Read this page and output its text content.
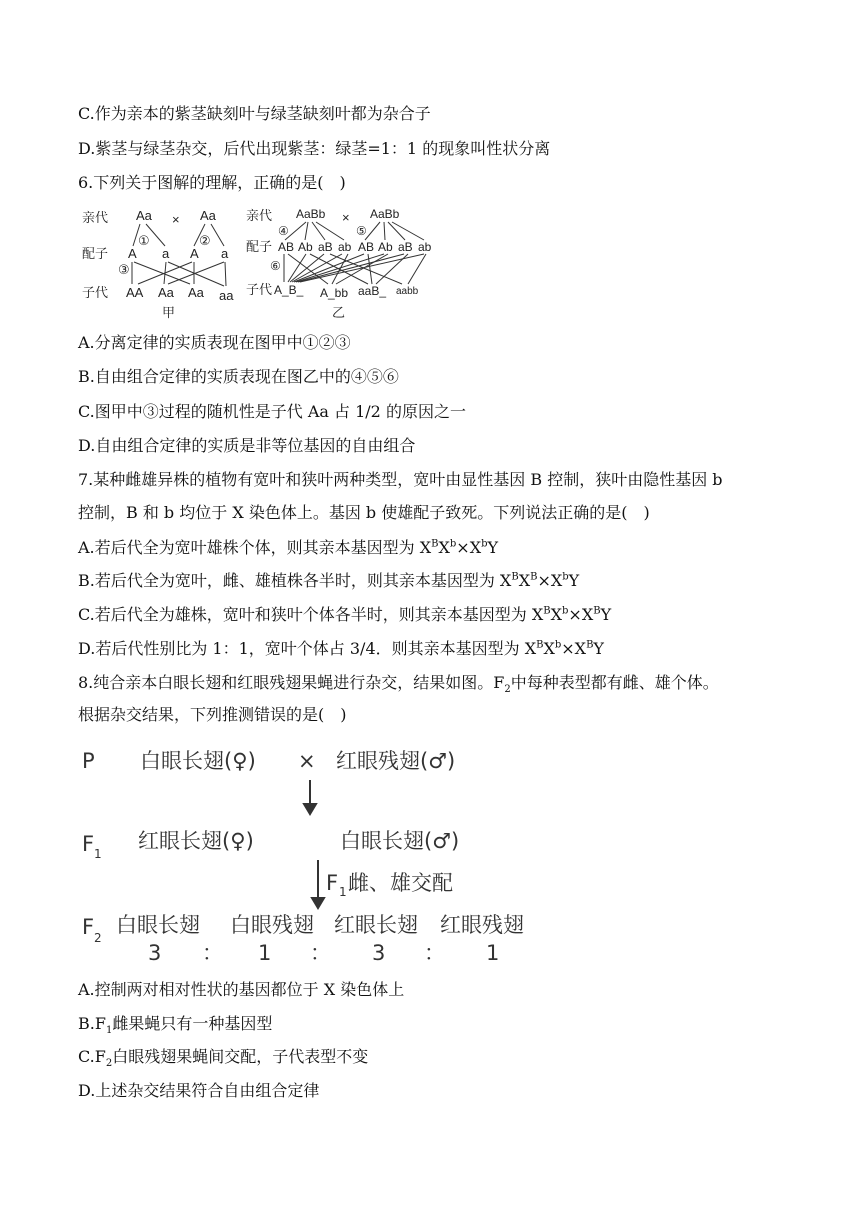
C.作为亲本的紫茎缺刻叶与绿茎缺刻叶都为杂合子
D.紫茎与绿茎杂交，后代出现紫茎：绿茎=1：1 的现象叫性状分离
6.下列关于图解的理解，正确的是(　)
亲代 Aa × Aa
①	②
配子
③
A a A a
子代 AA Aa Aa aa
甲
亲代 AaBb × AaBb
④	⑤
配子 AB Ab aB ab AB Ab aB ab
⑥
子代 A_B_ A_bb aaB_ aabb
乙
A.分离定律的实质表现在图甲中①②③
B.自由组合定律的实质表现在图乙中的④⑤⑥
C.图甲中③过程的随机性是子代 Aa 占 1/2 的原因之一
D.自由组合定律的实质是非等位基因的自由组合
7.某种雌雄异株的植物有宽叶和狭叶两种类型，宽叶由显性基因 B 控制，狭叶由隐性基因 b
控制，B 和 b 均位于 X 染色体上。基因 b 使雄配子致死。下列说法正确的是(　)
A.若后代全为宽叶雄株个体，则其亲本基因型为 $X^BX^b\times X^bY$
B.若后代全为宽叶，雌、雄植株各半时，则其亲本基因型为 $X^BX^B\times X^bY$
C.若后代全为雄株，宽叶和狭叶个体各半时，则其亲本基因型为 $X^BX^b\times X^BY$
D.若后代性别比为 1：1，宽叶个体占 3/4．则其亲本基因型为 $X^BX^b\times X^BY$
8.纯合亲本白眼长翅和红眼残翅果蝇进行杂交，结果如图。$F_2$中每种表型都有雌、雄个体。
根据杂交结果，下列推测错误的是(　)
P 白眼长翅(♀) × 红眼残翅(♂)
F 1
红眼长翅(♀)	白眼长翅(♂)
F 1 雌、雄交配
F 2
白眼长翅 白眼残翅 红眼长翅 红眼残翅
3 ： 1 ： 3 ： 1
A.控制两对相对性状的基因都位于 X 染色体上
$B.F_1$雌果蝇只有一种基因型
$C.F_2$白眼残翅果蝇间交配，子代表型不变
D.上述杂交结果符合自由组合定律
